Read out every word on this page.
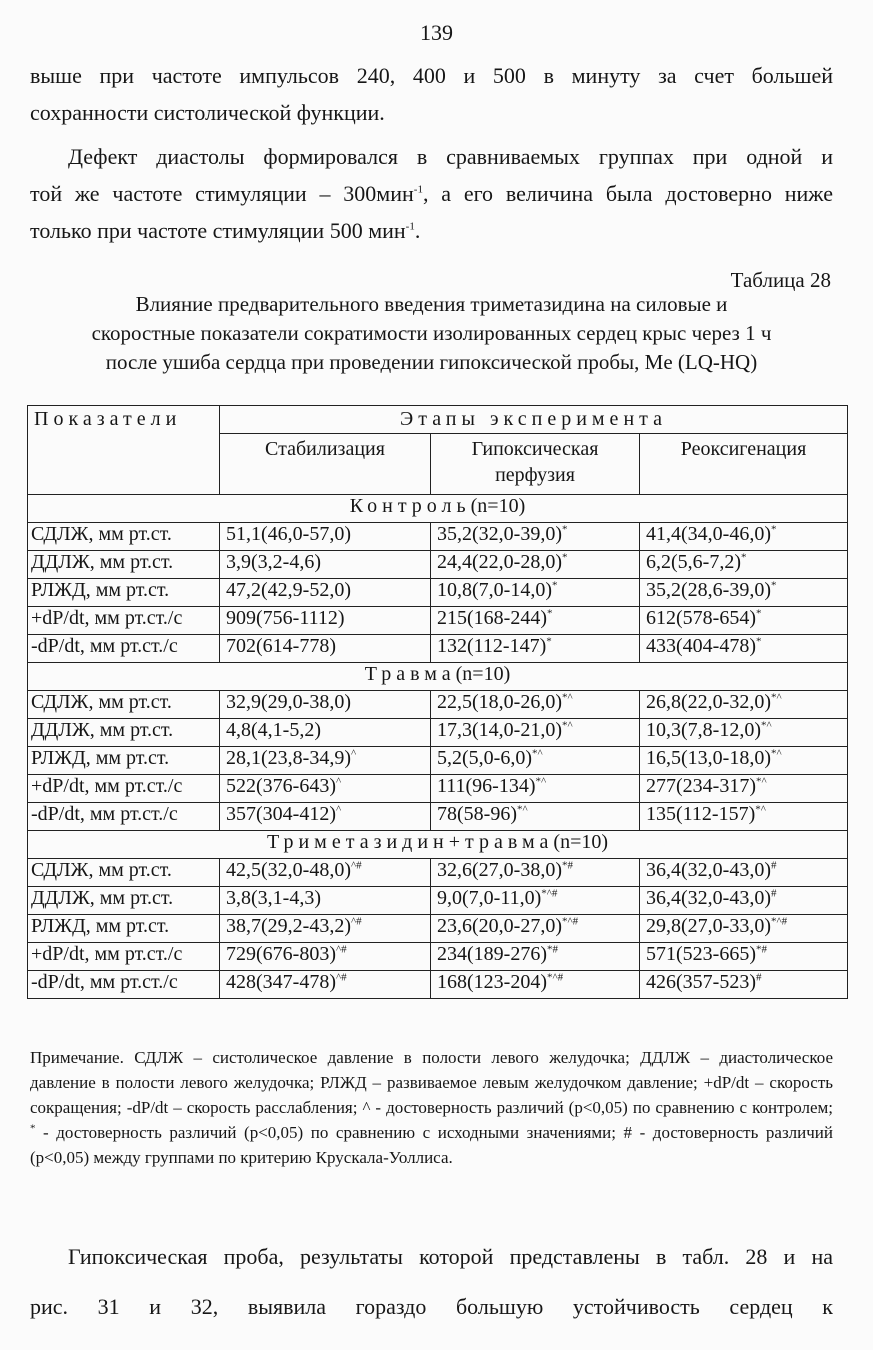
139
выше при частоте импульсов 240, 400 и 500 в минуту за счет большей
сохранности систолической функции.
Дефект диастолы формировался в сравниваемых группах при одной и
той же частоте стимуляции – 300мин$^{-1}$, а его величина была достоверно ниже
только при частоте стимуляции 500 мин$^{-1}$.
Таблица 28
Влияние предварительного введения триметазидина на силовые и
скоростные показатели сократимости изолированных сердец крыс через 1 ч
после ушиба сердца при проведении гипоксической пробы, Me (LQ-HQ)
Показатели	Этапы эксперимента		
	Стабилизация	Гипоксическая перфузия	Реоксигенация
Контроль(n=10)			
СДЛЖ, мм рт.ст.	51,1(46,0-57,0)	35,2(32,0-39,0)*	41,4(34,0-46,0)*
ДДЛЖ, мм рт.ст.	3,9(3,2-4,6)	24,4(22,0-28,0)*	6,2(5,6-7,2)*
РЛЖД, мм рт.ст.	47,2(42,9-52,0)	10,8(7,0-14,0)*	35,2(28,6-39,0)*
+dP/dt, мм рт.ст./с	909(756-1112)	215(168-244)*	612(578-654)*
-dP/dt, мм рт.ст./с	702(614-778)	132(112-147)*	433(404-478)*
Травма(n=10)			
СДЛЖ, мм рт.ст.	32,9(29,0-38,0)	22,5(18,0-26,0)*^	26,8(22,0-32,0)*^
ДДЛЖ, мм рт.ст.	4,8(4,1-5,2)	17,3(14,0-21,0)*^	10,3(7,8-12,0)*^
РЛЖД, мм рт.ст.	28,1(23,8-34,9)^	5,2(5,0-6,0)*^	16,5(13,0-18,0)*^
+dP/dt, мм рт.ст./с	522(376-643)^	111(96-134)*^	277(234-317)*^
-dP/dt, мм рт.ст./с	357(304-412)^	78(58-96)*^	135(112-157)*^
Триметазидин+травма(n=10)			
СДЛЖ, мм рт.ст.	42,5(32,0-48,0)^#	32,6(27,0-38,0)*#	36,4(32,0-43,0)#
ДДЛЖ, мм рт.ст.	3,8(3,1-4,3)	9,0(7,0-11,0)*^#	36,4(32,0-43,0)#
РЛЖД, мм рт.ст.	38,7(29,2-43,2)^#	23,6(20,0-27,0)*^#	29,8(27,0-33,0)*^#
+dP/dt, мм рт.ст./с	729(676-803)^#	234(189-276)*#	571(523-665)*#
-dP/dt, мм рт.ст./с	428(347-478)^#	168(123-204)*^#	426(357-523)#
Примечание. СДЛЖ – систолическое давление в полости левого желудочка; ДДЛЖ – диастолическое давление в полости левого желудочка; РЛЖД – развиваемое левым желудочком давление; +dP/dt – скорость сокращения; -dP/dt – скорость расслабления; ^ - достоверность различий (p<0,05) по сравнению с контролем; * - достоверность различий (p<0,05) по сравнению с исходными значениями; # - достоверность различий (p<0,05) между группами по критерию Крускала-Уоллиса.
Гипоксическая проба, результаты которой представлены в табл. 28 и на
рис. 31 и 32, выявила гораздо большую устойчивость сердец к
